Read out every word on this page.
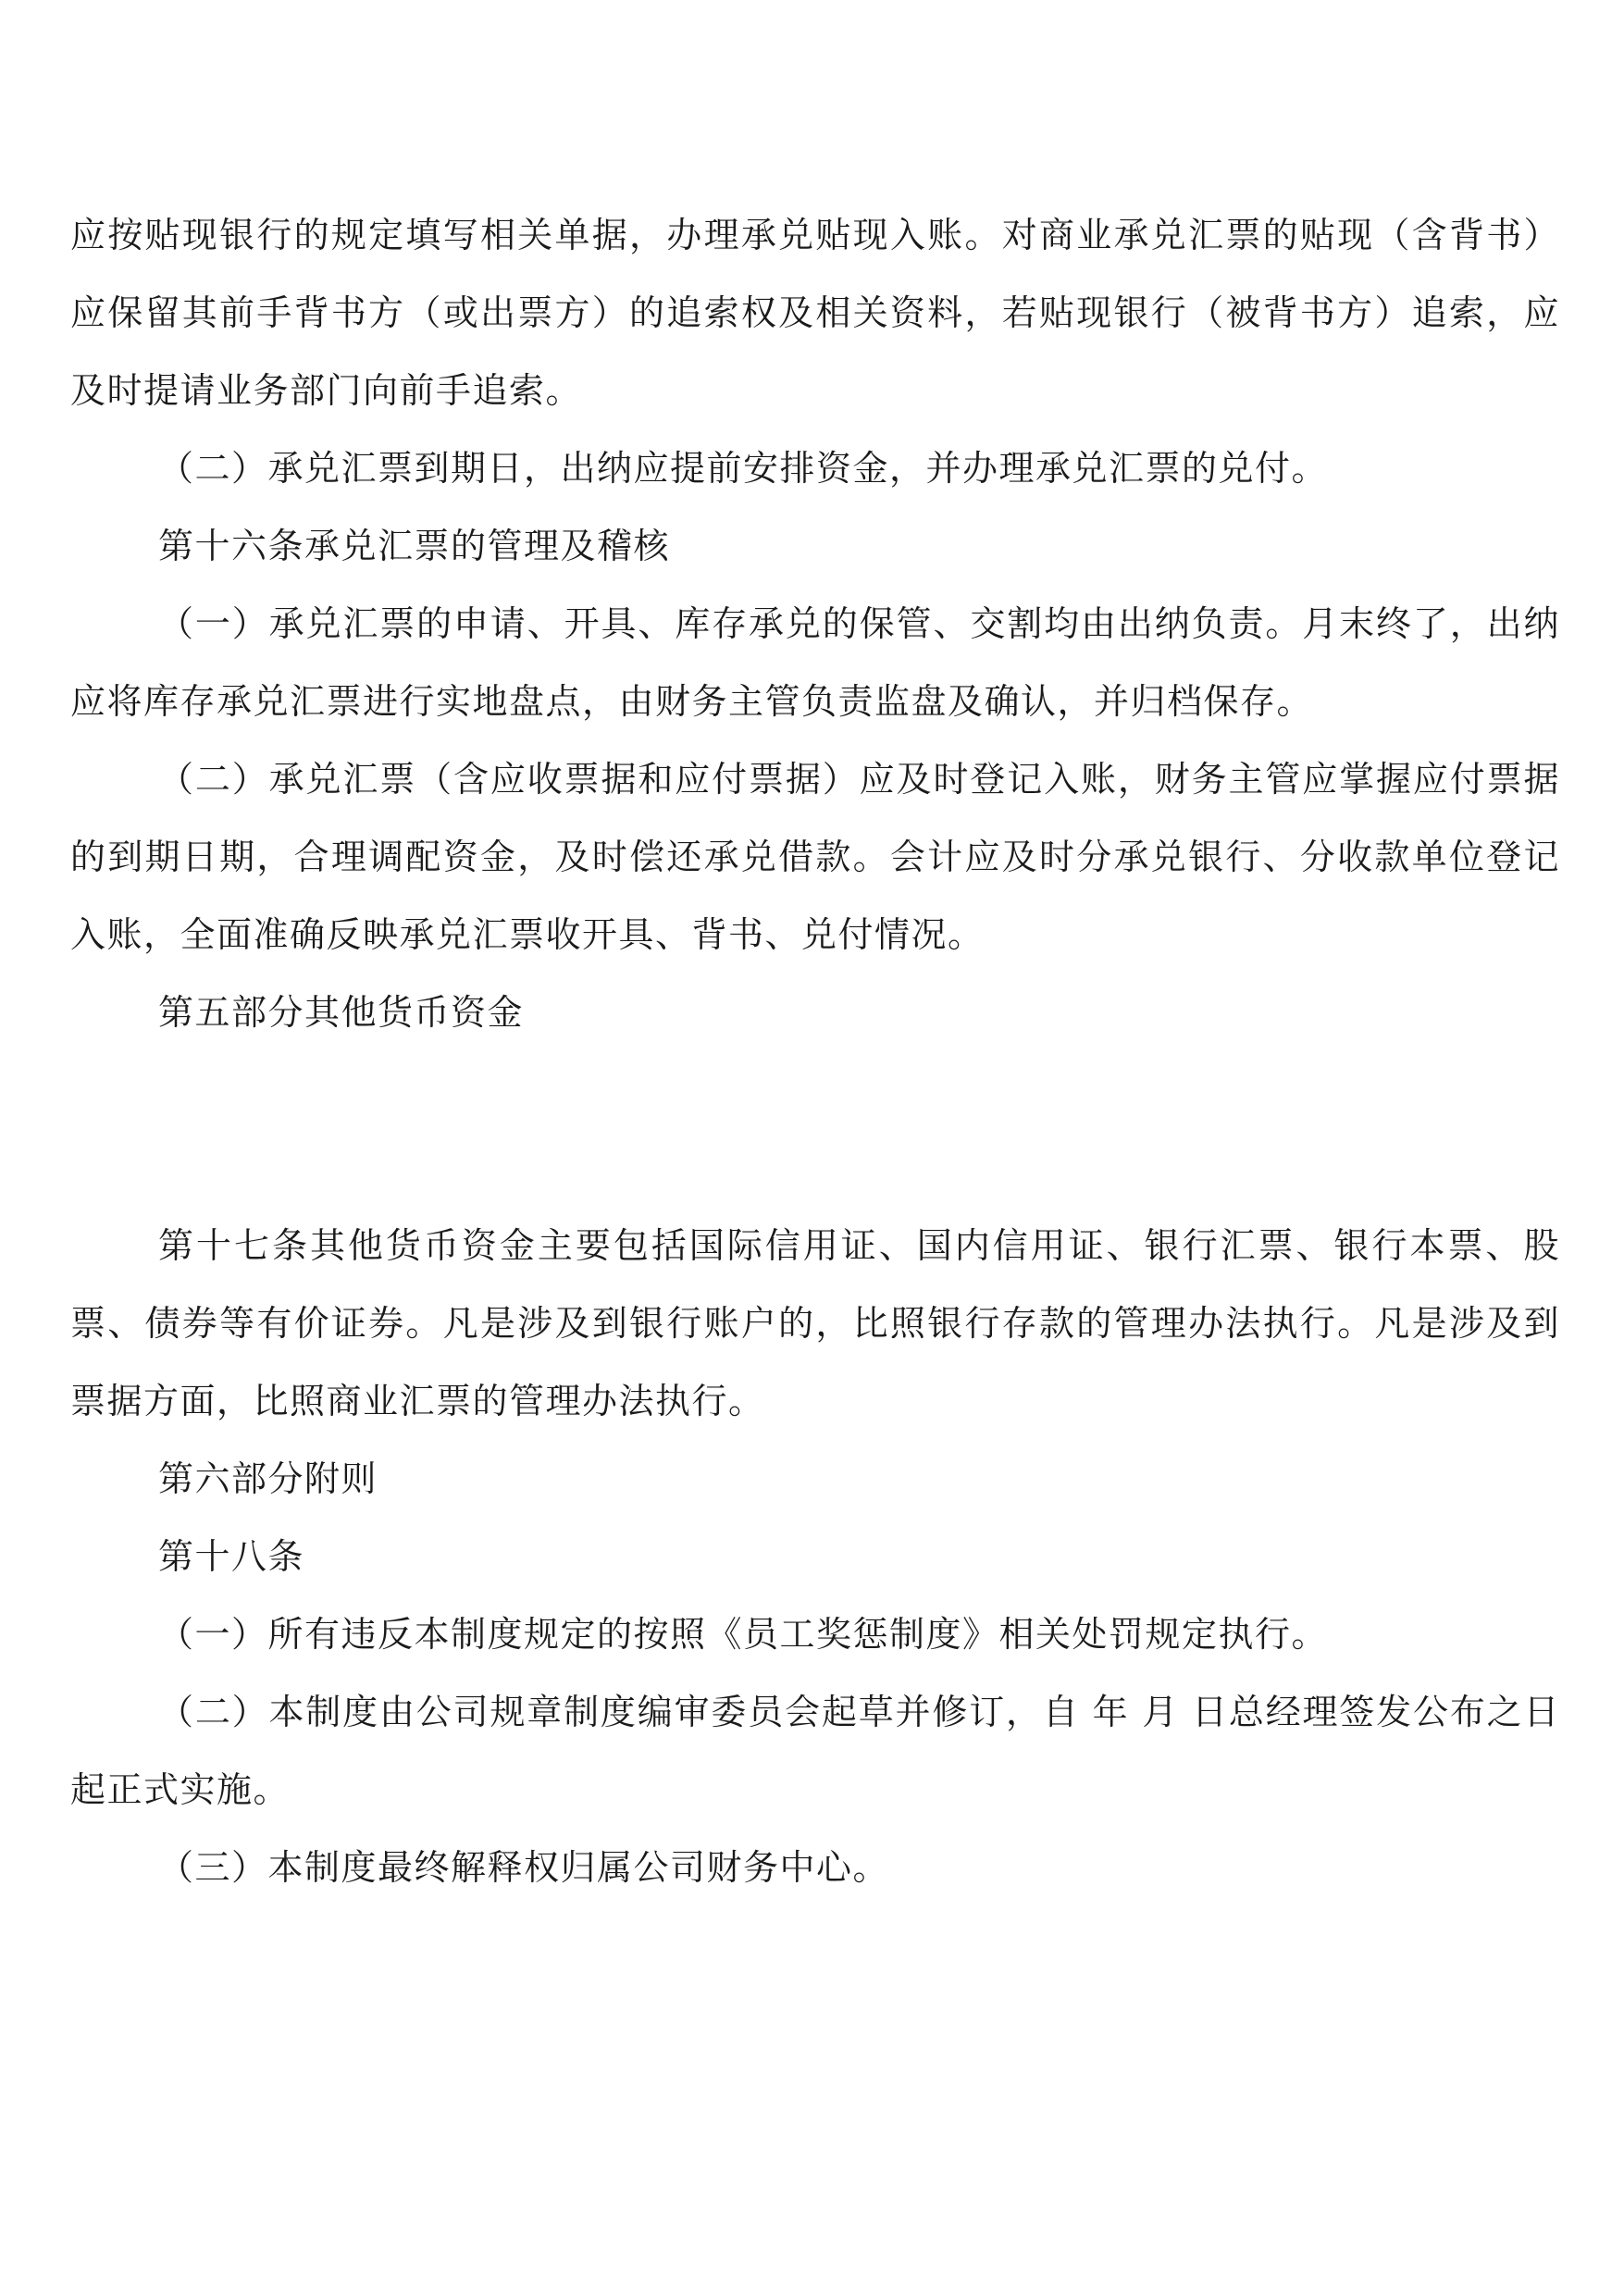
应按贴现银行的规定填写相关单据，办理承兑贴现入账。对商业承兑汇票的贴现（含背书）应保留其前手背书方（或出票方）的追索权及相关资料，若贴现银行（被背书方）追索，应及时提请业务部门向前手追索。

（二）承兑汇票到期日，出纳应提前安排资金，并办理承兑汇票的兑付。

第十六条承兑汇票的管理及稽核

（一）承兑汇票的申请、开具、库存承兑的保管、交割均由出纳负责。月末终了，出纳应将库存承兑汇票进行实地盘点，由财务主管负责监盘及确认，并归档保存。

（二）承兑汇票（含应收票据和应付票据）应及时登记入账，财务主管应掌握应付票据的到期日期，合理调配资金，及时偿还承兑借款。会计应及时分承兑银行、分收款单位登记入账，全面准确反映承兑汇票收开具、背书、兑付情况。

第五部分其他货币资金

第十七条其他货币资金主要包括国际信用证、国内信用证、银行汇票、银行本票、股票、债券等有价证券。凡是涉及到银行账户的，比照银行存款的管理办法执行。凡是涉及到票据方面，比照商业汇票的管理办法执行。

第六部分附则

第十八条

（一）所有违反本制度规定的按照《员工奖惩制度》相关处罚规定执行。

（二）本制度由公司规章制度编审委员会起草并修订，自 年 月 日总经理签发公布之日起正式实施。

（三）本制度最终解释权归属公司财务中心。
